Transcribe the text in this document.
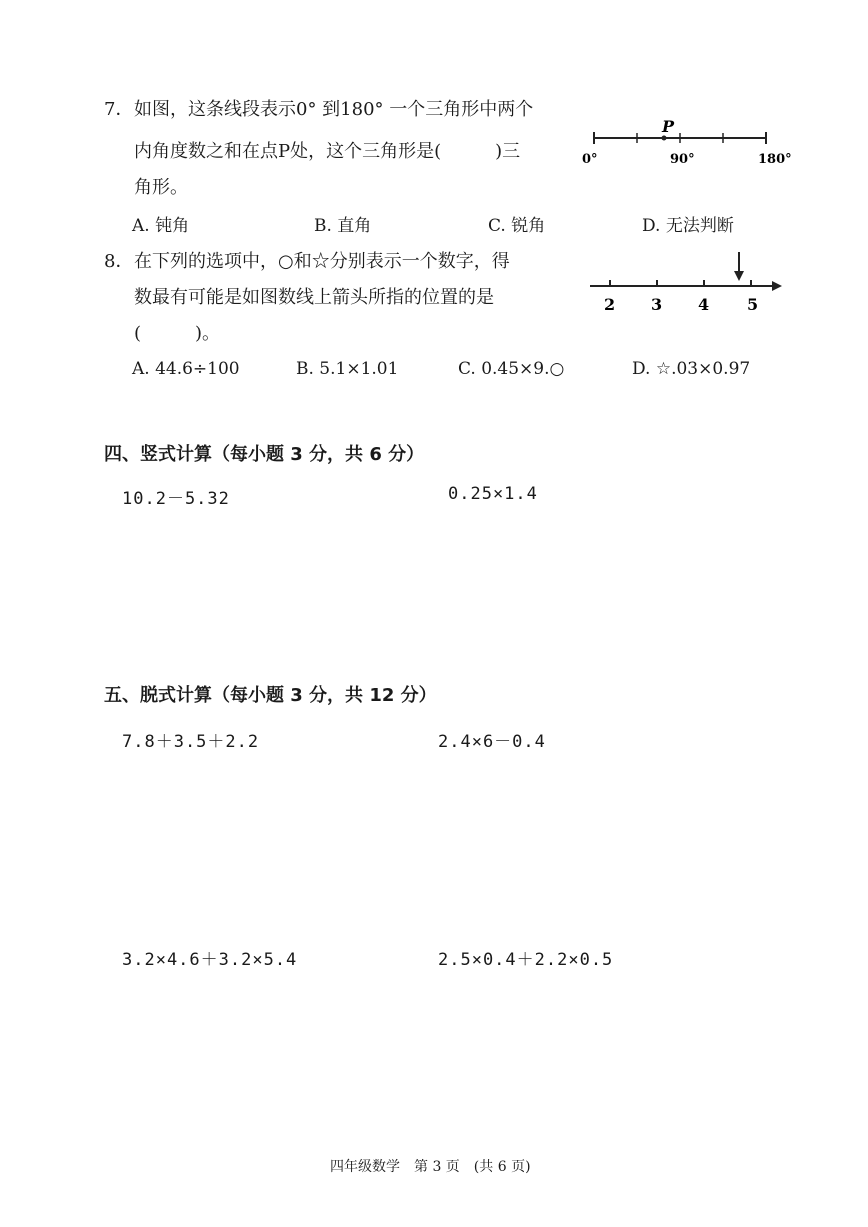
7． 如图，这条线段表示0° 到180° 一个三角形中两个
内角度数之和在点P处，这个三角形是(　　　)三
角形。
P
0°	90°	180°
A. 钝角	B. 直角	C. 锐角	D. 无法判断
8． 在下列的选项中，○和☆分别表示一个数字，得
数最有可能是如图数线上箭头所指的位置的是
(　　　)。
2 3 4 5
A. 44.6÷100	B. 5.1×1.01	C. 0.45×9.○	D. ☆.03×0.97
四、竖式计算（每小题 3 分，共 6 分）
10.2－5.32	0.25×1.4
五、脱式计算（每小题 3 分，共 12 分）
7.8＋3.5＋2.2	2.4×6－0.4
3.2×4.6＋3.2×5.4	2.5×0.4＋2.2×0.5
四年级数学　第 3 页　(共 6 页)
